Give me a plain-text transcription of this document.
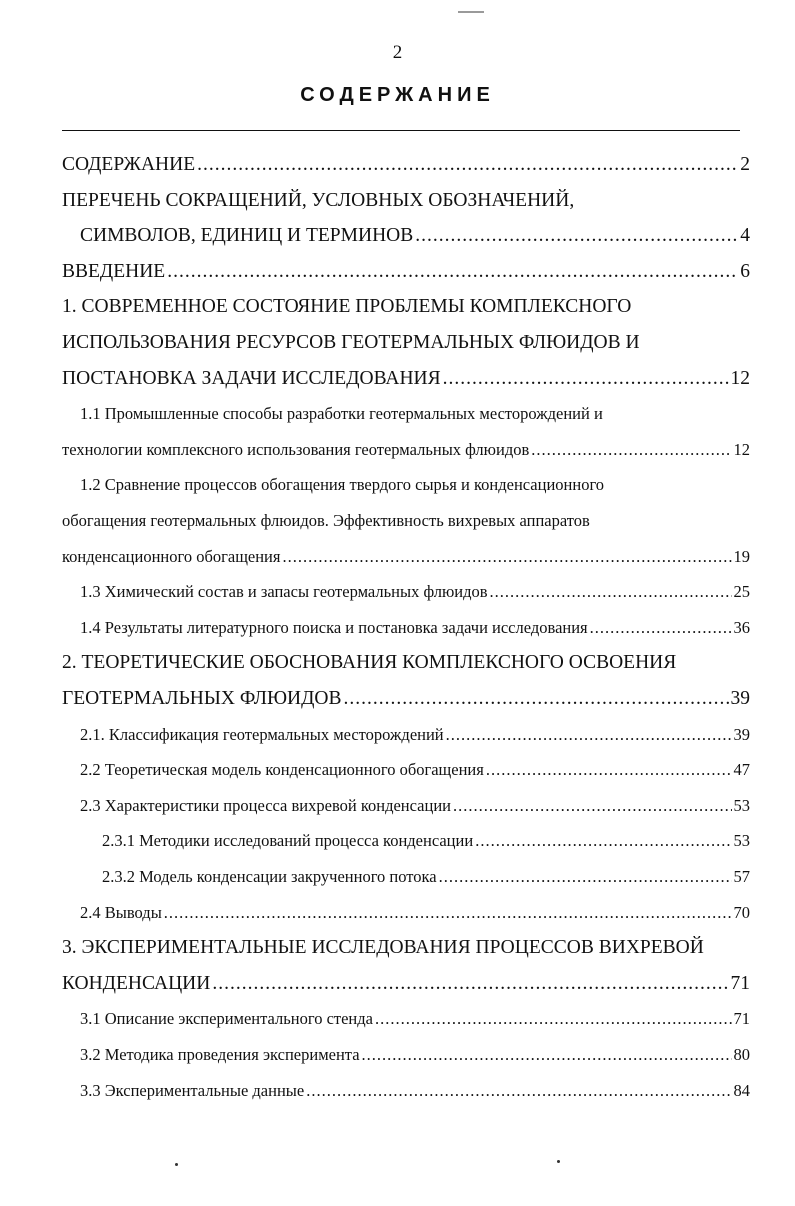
2
СОДЕРЖАНИЕ
СОДЕРЖАНИЕ .....	2
ПЕРЕЧЕНЬ СОКРАЩЕНИЙ, УСЛОВНЫХ ОБОЗНАЧЕНИЙ,
СИМВОЛОВ, ЕДИНИЦ И ТЕРМИНОВ .....	4
ВВЕДЕНИЕ .....	6
1. СОВРЕМЕННОЕ СОСТОЯНИЕ ПРОБЛЕМЫ КОМПЛЕКСНОГО
ИСПОЛЬЗОВАНИЯ РЕСУРСОВ ГЕОТЕРМАЛЬНЫХ ФЛЮИДОВ И
ПОСТАНОВКА ЗАДАЧИ ИССЛЕДОВАНИЯ .....	12
1.1 Промышленные способы разработки геотермальных месторождений и
технологии комплексного использования геотермальных флюидов .....	12
1.2 Сравнение процессов обогащения твердого сырья и конденсационного
обогащения геотермальных флюидов. Эффективность вихревых аппаратов
конденсационного обогащения .....	19
1.3 Химический состав и запасы геотермальных флюидов .....	25
1.4 Результаты литературного поиска и постановка задачи исследования .....	36
2. ТЕОРЕТИЧЕСКИЕ ОБОСНОВАНИЯ КОМПЛЕКСНОГО ОСВОЕНИЯ
ГЕОТЕРМАЛЬНЫХ ФЛЮИДОВ .....	39
2.1. Классификация геотермальных месторождений .....	39
2.2 Теоретическая модель конденсационного обогащения .....	47
2.3 Характеристики процесса вихревой конденсации .....	53
2.3.1 Методики исследований процесса конденсации .....	53
2.3.2 Модель конденсации закрученного потока .....	57
2.4 Выводы .....	70
3. ЭКСПЕРИМЕНТАЛЬНЫЕ ИССЛЕДОВАНИЯ ПРОЦЕССОВ ВИХРЕВОЙ
КОНДЕНСАЦИИ .....	71
3.1 Описание экспериментального стенда .....	71
3.2 Методика проведения эксперимента .....	80
3.3 Экспериментальные данные .....	84
